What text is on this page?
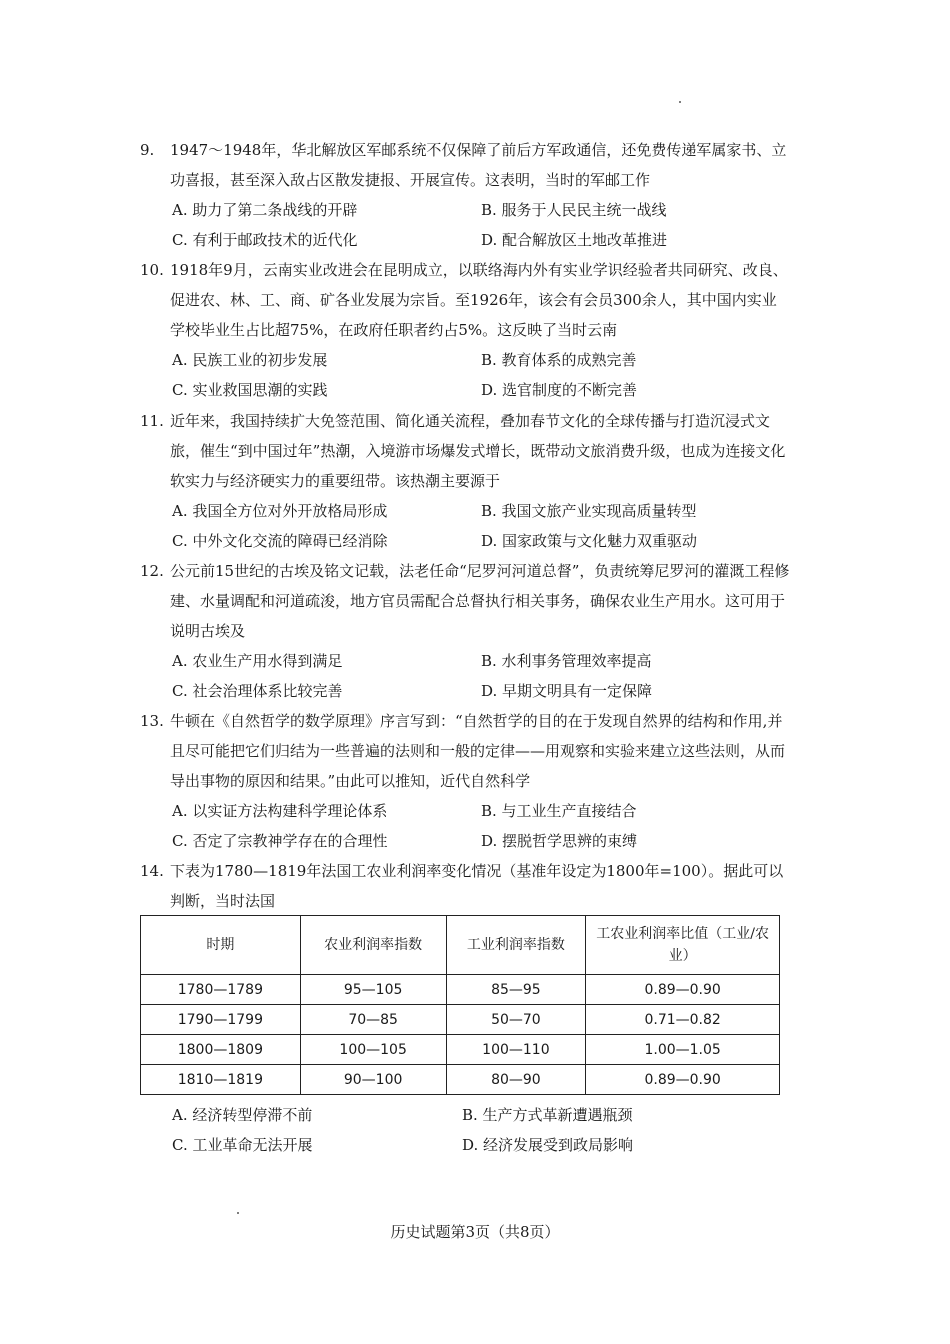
9.	1947～1948年，华北解放区军邮系统不仅保障了前后方军政通信，还免费传递军属家书、立功喜报，甚至深入敌占区散发捷报、开展宣传。这表明，当时的军邮工作
A. 助力了第二条战线的开辟	B. 服务于人民民主统一战线
C. 有利于邮政技术的近代化	D. 配合解放区土地改革推进
10. 1918年9月，云南实业改进会在昆明成立，以联络海内外有实业学识经验者共同研究、改良、促进农、林、工、商、矿各业发展为宗旨。至1926年，该会有会员300余人，其中国内实业学校毕业生占比超75%，在政府任职者约占5%。这反映了当时云南
A. 民族工业的初步发展	B. 教育体系的成熟完善
C. 实业救国思潮的实践	D. 选官制度的不断完善
11. 近年来，我国持续扩大免签范围、简化通关流程，叠加春节文化的全球传播与打造沉浸式文旅，催生“到中国过年”热潮，入境游市场爆发式增长，既带动文旅消费升级，也成为连接文化软实力与经济硬实力的重要纽带。该热潮主要源于
A. 我国全方位对外开放格局形成	B. 我国文旅产业实现高质量转型
C. 中外文化交流的障碍已经消除	D. 国家政策与文化魅力双重驱动
12. 公元前15世纪的古埃及铭文记载，法老任命“尼罗河河道总督”，负责统筹尼罗河的灌溉工程修建、水量调配和河道疏浚，地方官员需配合总督执行相关事务，确保农业生产用水。这可用于说明古埃及
A. 农业生产用水得到满足	B. 水利事务管理效率提高
C. 社会治理体系比较完善	D. 早期文明具有一定保障
13. 牛顿在《自然哲学的数学原理》序言写到：“自然哲学的目的在于发现自然界的结构和作用,并且尽可能把它们归结为一些普遍的法则和一般的定律——用观察和实验来建立这些法则，从而导出事物的原因和结果。”由此可以推知，近代自然科学
A. 以实证方法构建科学理论体系	B. 与工业生产直接结合
C. 否定了宗教神学存在的合理性	D. 摆脱哲学思辨的束缚
14. 下表为1780—1819年法国工农业利润率变化情况（基准年设定为1800年=100）。据此可以判断，当时法国
时期	农业利润率指数	工业利润率指数	工农业利润率比值（工业/农业）
1780—1789	95—105	85—95	0.89—0.90
1790—1799	70—85	50—70	0.71—0.82
1800—1809	100—105	100—110	1.00—1.05
1810—1819	90—100	80—90	0.89—0.90
A. 经济转型停滞不前	B. 生产方式革新遭遇瓶颈
C. 工业革命无法开展	D. 经济发展受到政局影响
历史试题第3页（共8页）
